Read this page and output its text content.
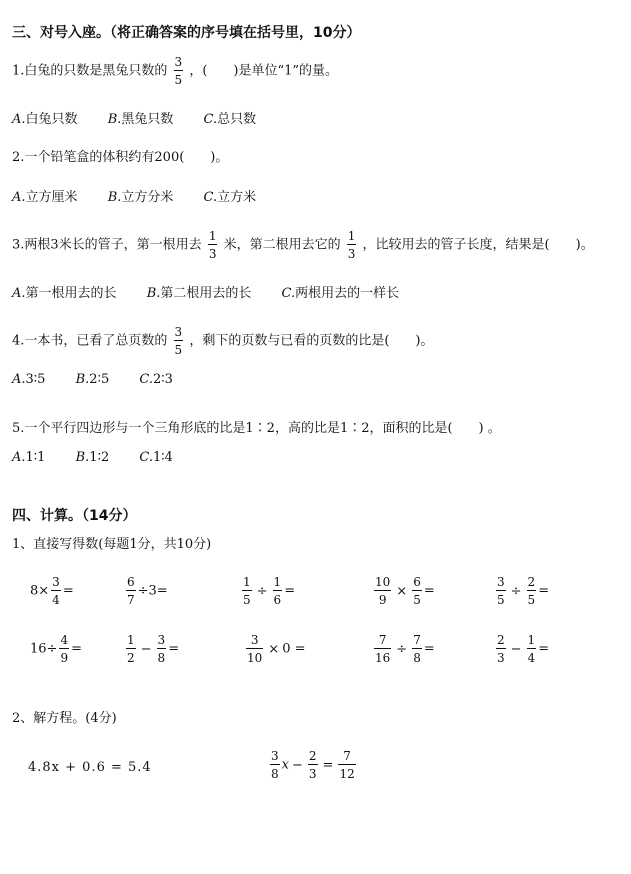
三、对号入座。（将正确答案的序号填在括号里，10分）
1.白兔的只数是黑兔只数的 $\frac{3}{5}$ ，(　　)是单位“1”的量。
A.白兔只数 B.黑兔只数 C.总只数
2.一个铅笔盒的体积约有200(　　)。
A.立方厘米 B.立方分米 C.立方米
3.两根3米长的管子，第一根用去 $\frac{1}{3}$ 米，第二根用去它的 $\frac{1}{3}$ ，比较用去的管子长度，结果是(　　)。
A.第一根用去的长 B.第二根用去的长 C.两根用去的一样长
4.一本书，已看了总页数的 $\frac{3}{5}$ ，剩下的页数与已看的页数的比是(　　)。
A.3∶5 B.2∶5 C.2∶3
5.一个平行四边形与一个三角形底的比是1∶2，高的比是1∶2，面积的比是(　　) 。
A.1∶1 B.1∶2 C.1∶4
四、计算。（14分）
1、直接写得数(每题1分，共10分)
$8\times \frac{3}{4}$ =	$\frac{6}{7} \div 3=$	$\frac{1}{5} \div \frac{1}{6}$ =	$\frac{10}{9} \times \frac{6}{5}$ =	$\frac{3}{5} \div \frac{2}{5}$ =
$16\div \frac{4}{9}$ =	$\frac{1}{2} - \frac{3}{8}$ =	$\frac{3}{10} \times 0$ =	$\frac{7}{16} \div \frac{7}{8}$ =	$\frac{2}{3} - \frac{1}{4}$ =
2、解方程。(4分)
4.8x + 0.6 = 5.4	$\frac{3}{8}$ $x - \frac{2}{3} = \frac{7}{12}$
